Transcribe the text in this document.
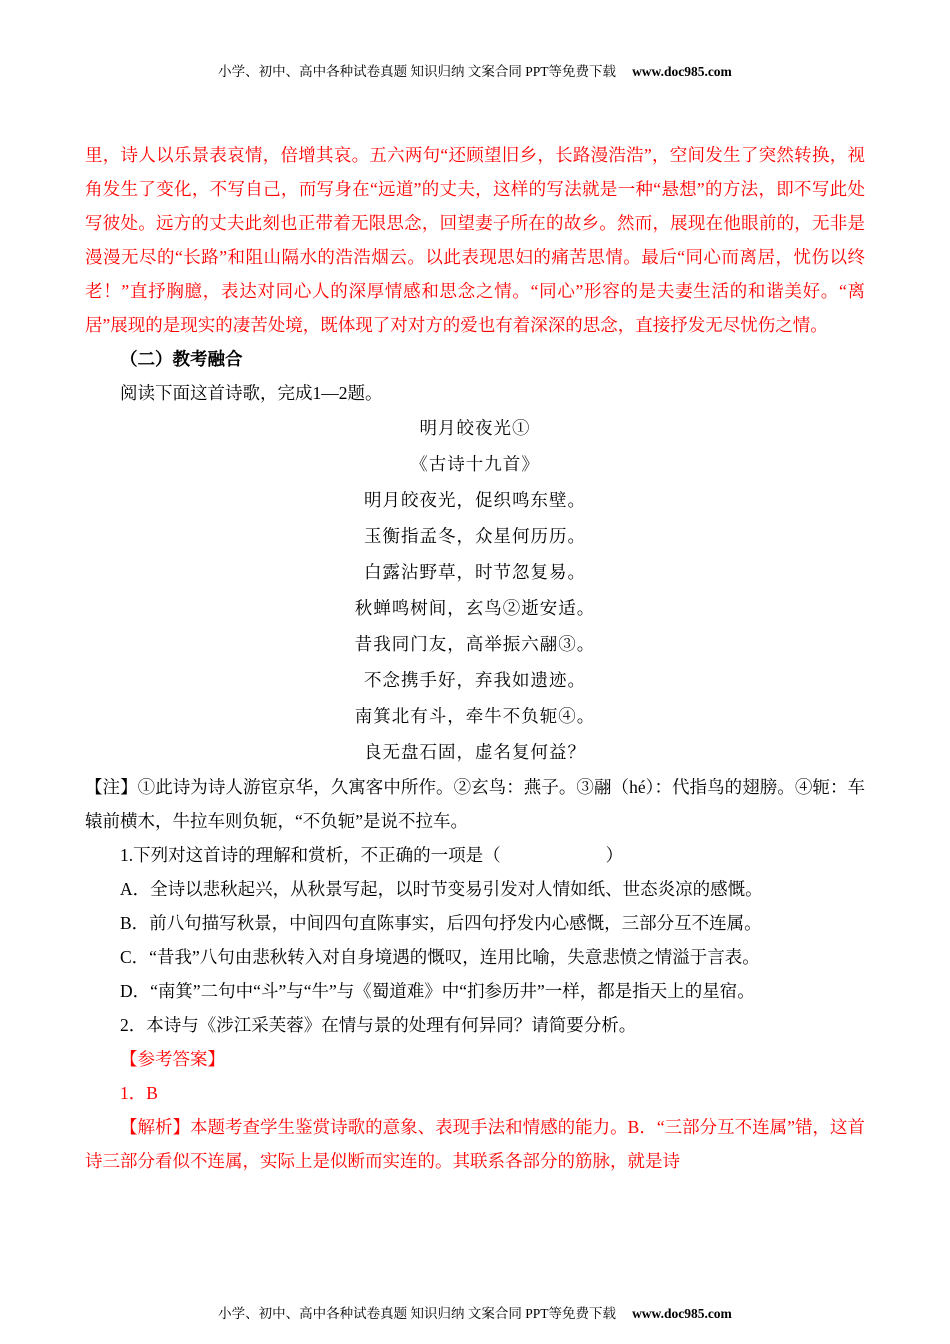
小学、初中、高中各种试卷真题 知识归纳 文案合同 PPT等免费下载 www.doc985.com

里，诗人以乐景表哀情，倍增其哀。五六两句“还顾望旧乡，长路漫浩浩”，空间发生了突然转换，视角发生了变化，不写自己，而写身在“远道”的丈夫，这样的写法就是一种“悬想”的方法，即不写此处写彼处。远方的丈夫此刻也正带着无限思念，回望妻子所在的故乡。然而，展现在他眼前的，无非是漫漫无尽的“长路”和阻山隔水的浩浩烟云。以此表现思妇的痛苦思情。最后“同心而离居，忧伤以终老！”直抒胸臆，表达对同心人的深厚情感和思念之情。“同心”形容的是夫妻生活的和谐美好。“离居”展现的是现实的凄苦处境，既体现了对对方的爱也有着深深的思念，直接抒发无尽忧伤之情。

（二）教考融合

阅读下面这首诗歌，完成1—2题。

明月皎夜光①
《古诗十九首》
明月皎夜光，促织鸣东壁。
玉衡指孟冬，众星何历历。
白露沾野草，时节忽复易。
秋蝉鸣树间，玄鸟②逝安适。
昔我同门友，高举振六翮③。
不念携手好，弃我如遗迹。
南箕北有斗，牵牛不负轭④。
良无盘石固，虚名复何益？

【注】①此诗为诗人游宦京华，久寓客中所作。②玄鸟：燕子。③翮（hé）：代指鸟的翅膀。④轭：车辕前横木，牛拉车则负轭，“不负轭”是说不拉车。

1.下列对这首诗的理解和赏析，不正确的一项是（　　　　　　）

A．全诗以悲秋起兴，从秋景写起，以时节变易引发对人情如纸、世态炎凉的感慨。

B．前八句描写秋景，中间四句直陈事实，后四句抒发内心感慨，三部分互不连属。

C．“昔我”八句由悲秋转入对自身境遇的慨叹，连用比喻，失意悲愤之情溢于言表。

D．“南箕”二句中“斗”与“牛”与《蜀道难》中“扪参历井”一样，都是指天上的星宿。

2．本诗与《涉江采芙蓉》在情与景的处理有何异同？请简要分析。

【参考答案】

1．B

【解析】本题考查学生鉴赏诗歌的意象、表现手法和情感的能力。B．“三部分互不连属”错，这首诗三部分看似不连属，实际上是似断而实连的。其联系各部分的筋脉，就是诗

小学、初中、高中各种试卷真题 知识归纳 文案合同 PPT等免费下载 www.doc985.com
